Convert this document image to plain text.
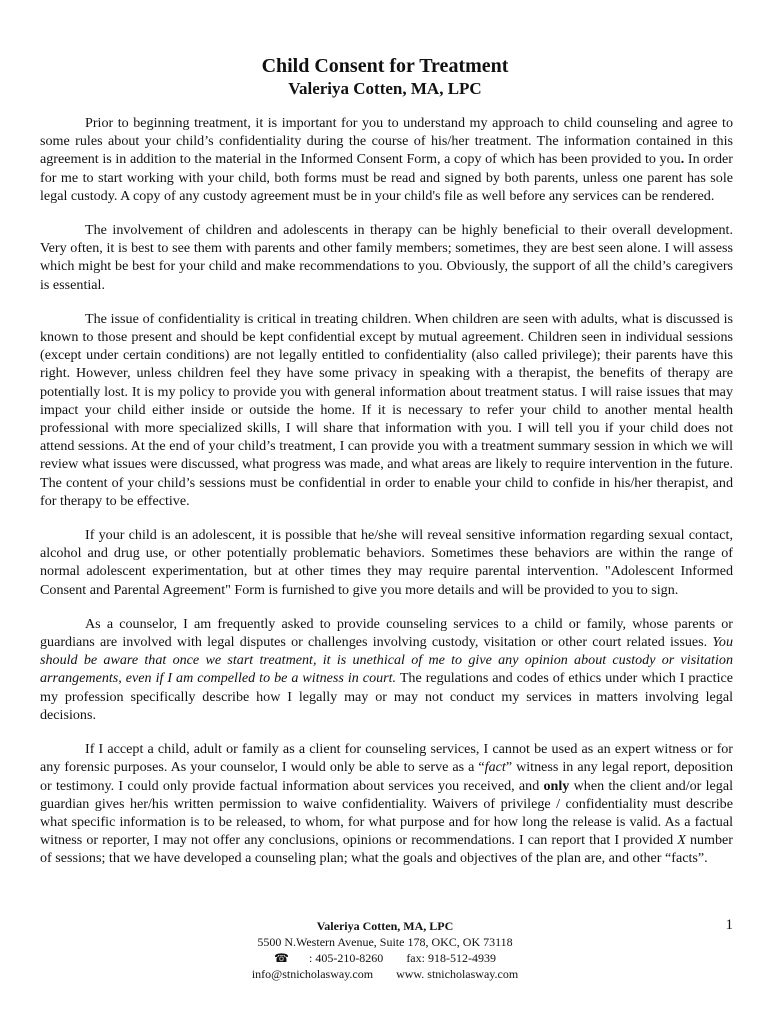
Child Consent for Treatment
Valeriya Cotten, MA, LPC

Prior to beginning treatment, it is important for you to understand my approach to child counseling and agree to some rules about your child’s confidentiality during the course of his/her treatment. The information contained in this agreement is in addition to the material in the Informed Consent Form, a copy of which has been provided to you. In order for me to start working with your child, both forms must be read and signed by both parents, unless one parent has sole legal custody. A copy of any custody agreement must be in your child's file as well before any services can be rendered.

The involvement of children and adolescents in therapy can be highly beneficial to their overall development. Very often, it is best to see them with parents and other family members; sometimes, they are best seen alone. I will assess which might be best for your child and make recommendations to you. Obviously, the support of all the child’s caregivers is essential.

The issue of confidentiality is critical in treating children. When children are seen with adults, what is discussed is known to those present and should be kept confidential except by mutual agreement. Children seen in individual sessions (except under certain conditions) are not legally entitled to confidentiality (also called privilege); their parents have this right. However, unless children feel they have some privacy in speaking with a therapist, the benefits of therapy are potentially lost. It is my policy to provide you with general information about treatment status. I will raise issues that may impact your child either inside or outside the home. If it is necessary to refer your child to another mental health professional with more specialized skills, I will share that information with you. I will tell you if your child does not attend sessions. At the end of your child’s treatment, I can provide you with a treatment summary session in which we will review what issues were discussed, what progress was made, and what areas are likely to require intervention in the future. The content of your child’s sessions must be confidential in order to enable your child to confide in his/her therapist, and for therapy to be effective.

If your child is an adolescent, it is possible that he/she will reveal sensitive information regarding sexual contact, alcohol and drug use, or other potentially problematic behaviors. Sometimes these behaviors are within the range of normal adolescent experimentation, but at other times they may require parental intervention. "Adolescent Informed Consent and Parental Agreement" Form is furnished to give you more details and will be provided to you to sign.

As a counselor, I am frequently asked to provide counseling services to a child or family, whose parents or guardians are involved with legal disputes or challenges involving custody, visitation or other court related issues. You should be aware that once we start treatment, it is unethical of me to give any opinion about custody or visitation arrangements, even if I am compelled to be a witness in court. The regulations and codes of ethics under which I practice my profession specifically describe how I legally may or may not conduct my services in matters involving legal decisions.

If I accept a child, adult or family as a client for counseling services, I cannot be used as an expert witness or for any forensic purposes. As your counselor, I would only be able to serve as a “fact” witness in any legal report, deposition or testimony. I could only provide factual information about services you received, and only when the client and/or legal guardian gives her/his written permission to waive confidentiality. Waivers of privilege / confidentiality must describe what specific information is to be released, to whom, for what purpose and for how long the release is valid. As a factual witness or reporter, I may not offer any conclusions, opinions or recommendations. I can report that I provided X number of sessions; that we have developed a counseling plan; what the goals and objectives of the plan are, and other “facts”.

Valeriya Cotten, MA, LPC
5500 N.Western Avenue, Suite 178, OKC, OK 73118
☎ : 405-210-8260 fax: 918-512-4939
info@stnicholasway.com www. stnicholasway.com
1
